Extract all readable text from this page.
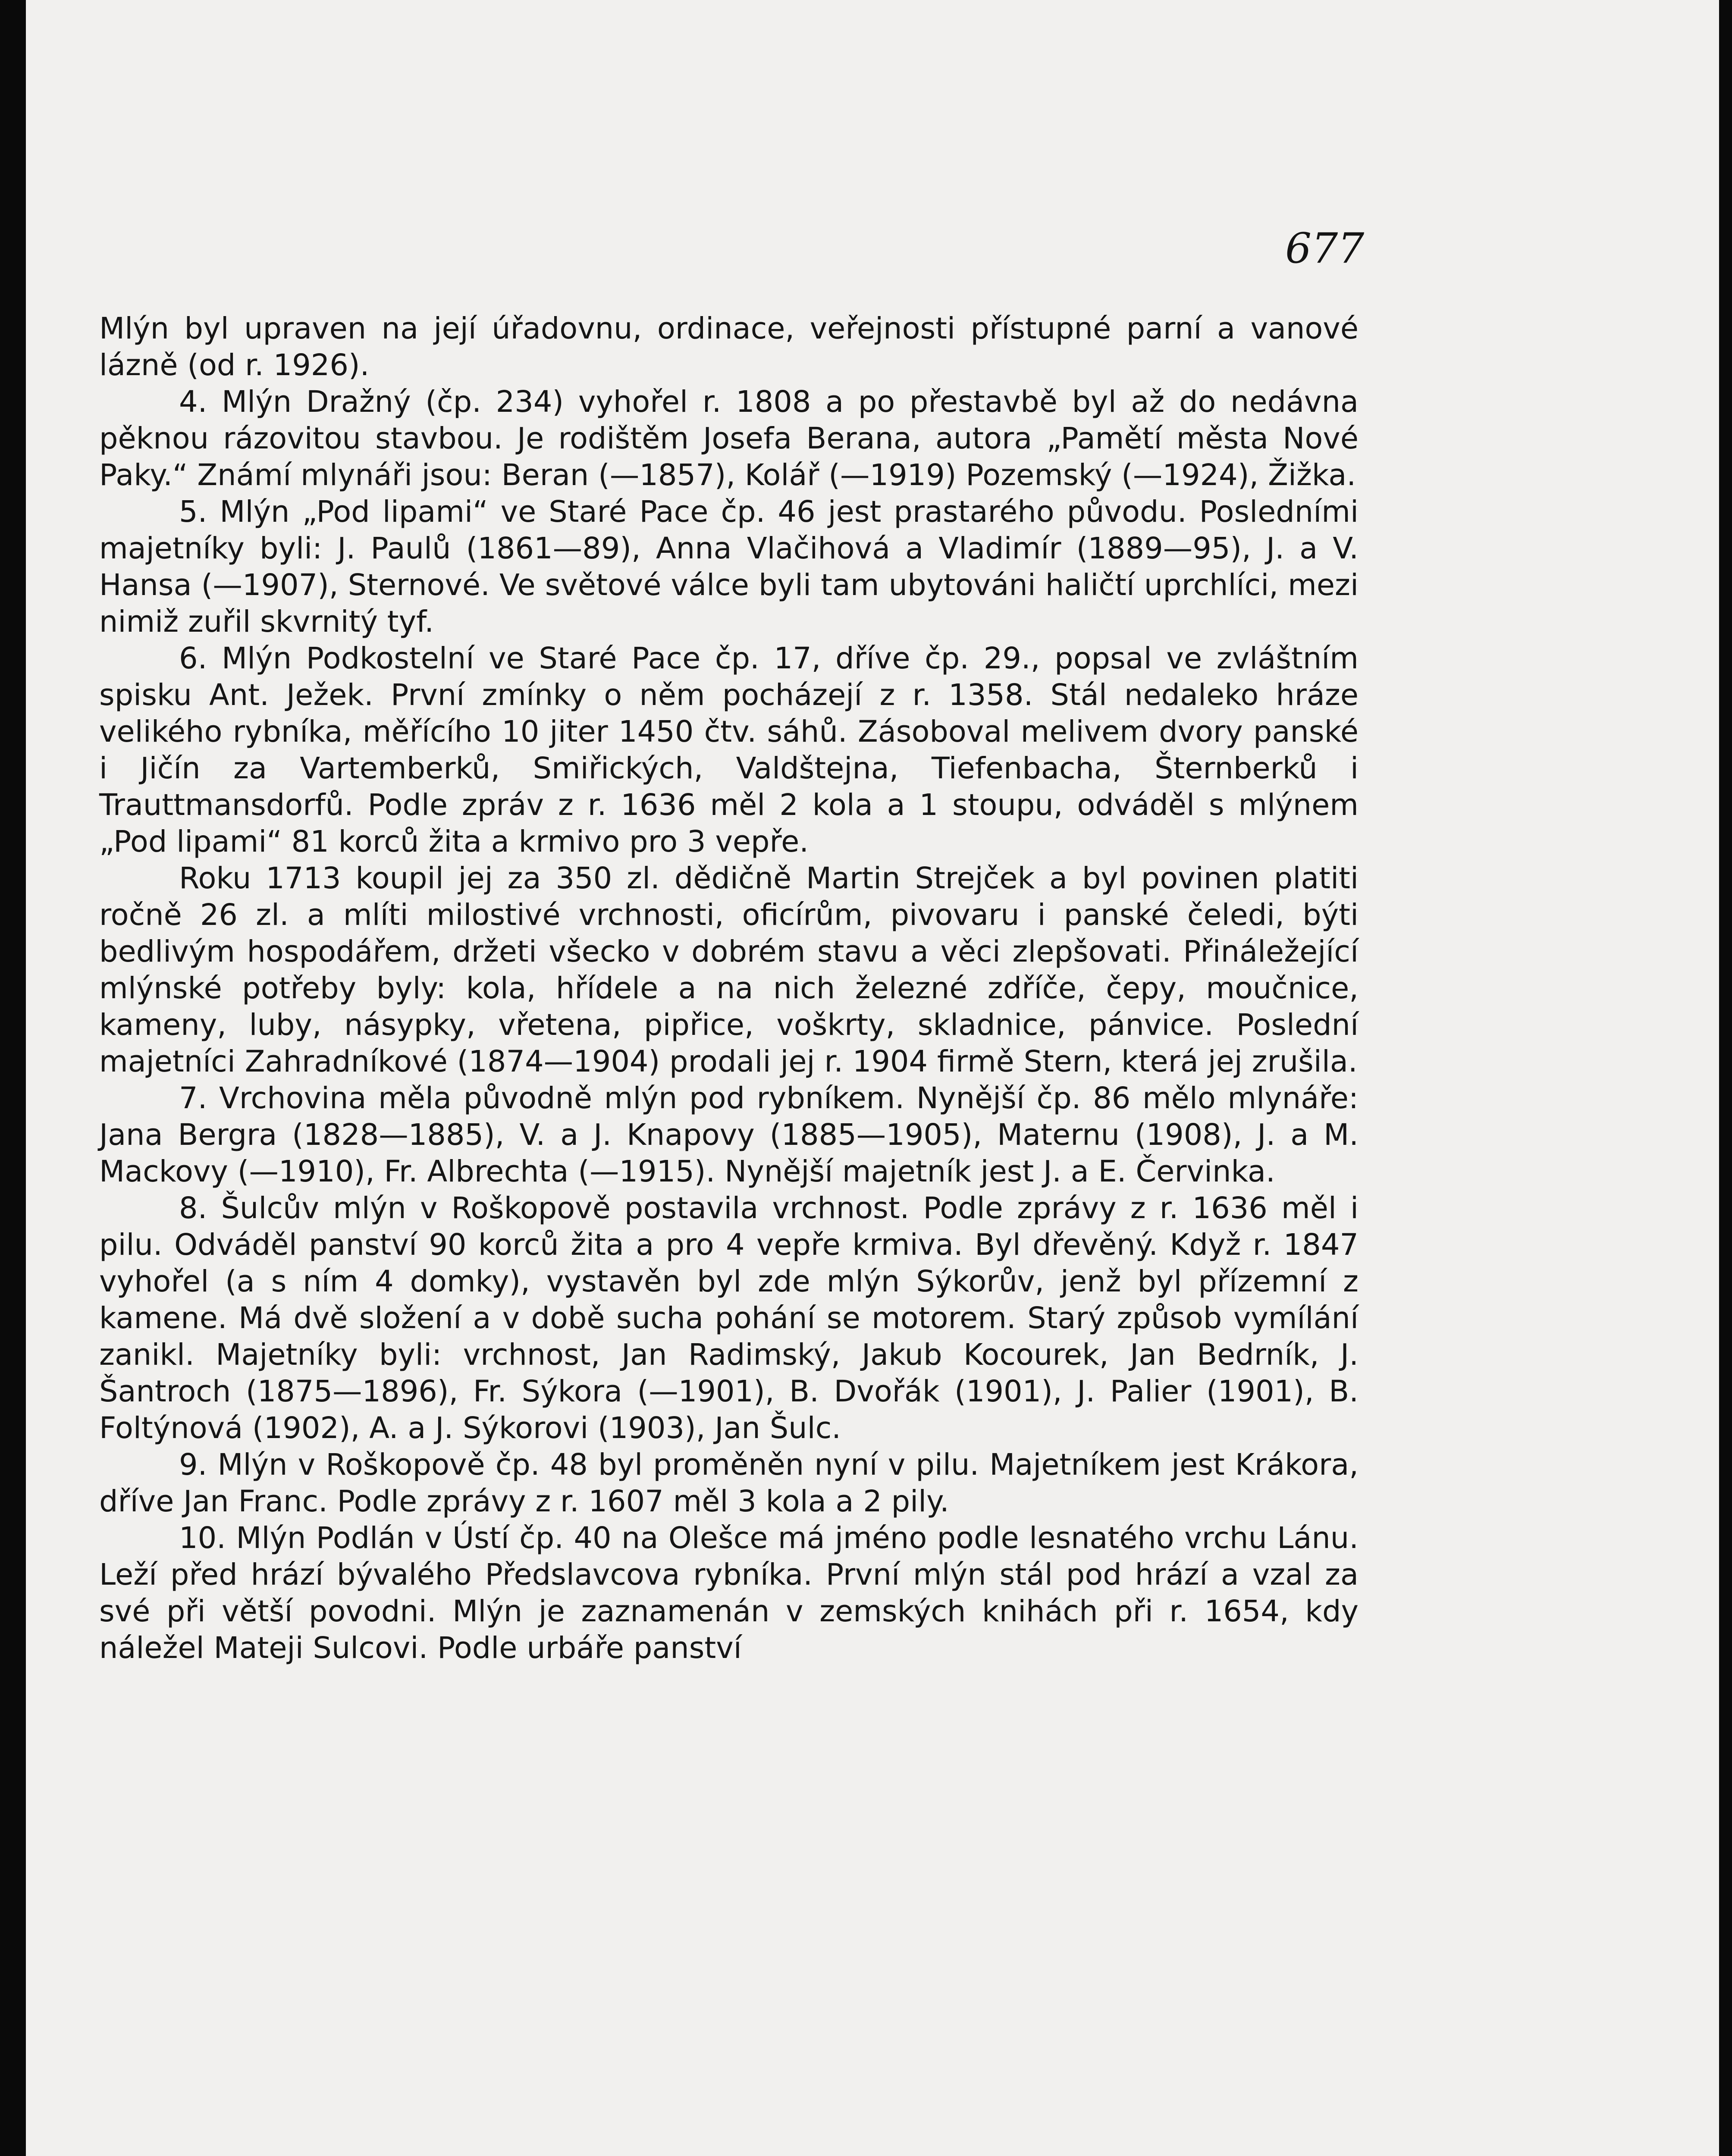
677

Mlýn byl upraven na její úřadovnu, ordinace, veřejnosti přístupné parní a vanové lázně (od r. 1926).

4. Mlýn Dražný (čp. 234) vyhořel r. 1808 a po přestavbě byl až do nedávna pěknou rázovitou stavbou. Je rodištěm Josefa Berana, autora „Pamětí města Nové Paky.“ Známí mlynáři jsou: Beran (—1857), Kolář (—1919) Pozemský (—1924), Žižka.

5. Mlýn „Pod lipami“ ve Staré Pace čp. 46 jest prastarého původu. Posledními majetníky byli: J. Paulů (1861—89), Anna Vlačihová a Vladimír (1889—95), J. a V. Hansa (—1907), Sternové. Ve světové válce byli tam ubytováni haličtí uprchlíci, mezi nimiž zuřil skvrnitý tyf.

6. Mlýn Podkostelní ve Staré Pace čp. 17, dříve čp. 29., popsal ve zvláštním spisku Ant. Ježek. První zmínky o něm pocházejí z r. 1358. Stál nedaleko hráze velikého rybníka, měřícího 10 jiter 1450 čtv. sáhů. Zásoboval melivem dvory panské i Jičín za Vartemberků, Smiřických, Valdštejna, Tiefenbacha, Šternberků i Trauttmansdorfů. Podle zpráv z r. 1636 měl 2 kola a 1 stoupu, odváděl s mlýnem „Pod lipami“ 81 korců žita a krmivo pro 3 vepře.

Roku 1713 koupil jej za 350 zl. dědičně Martin Strejček a byl povinen platiti ročně 26 zl. a mlíti milostivé vrchnosti, oficírům, pivovaru i panské čeledi, býti bedlivým hospodářem, držeti všecko v dobrém stavu a věci zlepšovati. Přináležející mlýnské potřeby byly: kola, hřídele a na nich železné zdříče, čepy, moučnice, kameny, luby, násypky, vřetena, pipřice, voškrty, skladnice, pánvice. Poslední majetníci Zahradníkové (1874—1904) prodali jej r. 1904 firmě Stern, která jej zrušila.

7. Vrchovina měla původně mlýn pod rybníkem. Nynější čp. 86 mělo mlynáře: Jana Bergra (1828—1885), V. a J. Knapovy (1885—1905), Maternu (1908), J. a M. Mackovy (—1910), Fr. Albrechta (—1915). Nynější majetník jest J. a E. Červinka.

8. Šulcův mlýn v Roškopově postavila vrchnost. Podle zprávy z r. 1636 měl i pilu. Odváděl panství 90 korců žita a pro 4 vepře krmiva. Byl dřevěný. Když r. 1847 vyhořel (a s ním 4 domky), vystavěn byl zde mlýn Sýkorův, jenž byl přízemní z kamene. Má dvě složení a v době sucha pohání se motorem. Starý způsob vymílání zanikl. Majetníky byli: vrchnost, Jan Radimský, Jakub Kocourek, Jan Bedrník, J. Šantroch (1875—1896), Fr. Sýkora (—1901), B. Dvořák (1901), J. Palier (1901), B. Foltýnová (1902), A. a J. Sýkorovi (1903), Jan Šulc.

9. Mlýn v Roškopově čp. 48 byl proměněn nyní v pilu. Majetníkem jest Krákora, dříve Jan Franc. Podle zprávy z r. 1607 měl 3 kola a 2 pily.

10. Mlýn Podlán v Ústí čp. 40 na Olešce má jméno podle lesnatého vrchu Lánu. Leží před hrází bývalého Předslavcova rybníka. První mlýn stál pod hrází a vzal za své při větší povodni. Mlýn je zaznamenán v zemských knihách při r. 1654, kdy náležel Mateji Sulcovi. Podle urbáře panství
